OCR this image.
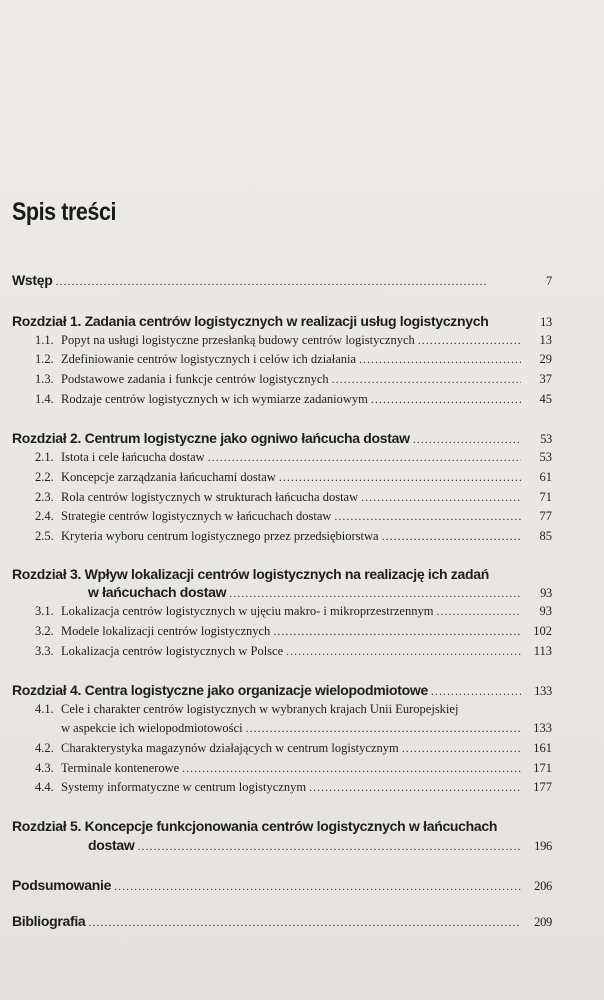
Spis treści
Wstęp . . .	7
Rozdział 1. Zadania centrów logistycznych w realizacji usług logistycznych	13
1.1. Popyt na usługi logistyczne przesłanką budowy centrów logistycznych . . .	13
1.2. Zdefiniowanie centrów logistycznych i celów ich działania . . .	29
1.3. Podstawowe zadania i funkcje centrów logistycznych . . .	37
1.4. Rodzaje centrów logistycznych w ich wymiarze zadaniowym . . .	45
Rozdział 2. Centrum logistyczne jako ogniwo łańcucha dostaw . . .	53
2.1. Istota i cele łańcucha dostaw . . .	53
2.2. Koncepcje zarządzania łańcuchami dostaw . . .	61
2.3. Rola centrów logistycznych w strukturach łańcucha dostaw . . .	71
2.4. Strategie centrów logistycznych w łańcuchach dostaw . . .	77
2.5. Kryteria wyboru centrum logistycznego przez przedsiębiorstwa . . .	85
Rozdział 3. Wpływ lokalizacji centrów logistycznych na realizację ich zadań
w łańcuchach dostaw . . .	93
3.1. Lokalizacja centrów logistycznych w ujęciu makro- i mikroprzestrzennym . . .	93
3.2. Modele lokalizacji centrów logistycznych . . .	102
3.3. Lokalizacja centrów logistycznych w Polsce . . .	113
Rozdział 4. Centra logistyczne jako organizacje wielopodmiotowe . . .	133
4.1. Cele i charakter centrów logistycznych w wybranych krajach Unii Europejskiej
w aspekcie ich wielopodmiotowości . . .	133
4.2. Charakterystyka magazynów działających w centrum logistycznym . . .	161
4.3. Terminale kontenerowe . . .	171
4.4. Systemy informatyczne w centrum logistycznym . . .	177
Rozdział 5. Koncepcje funkcjonowania centrów logistycznych w łańcuchach
dostaw . . .	196
Podsumowanie . . .	206
Bibliografia . . .	209
